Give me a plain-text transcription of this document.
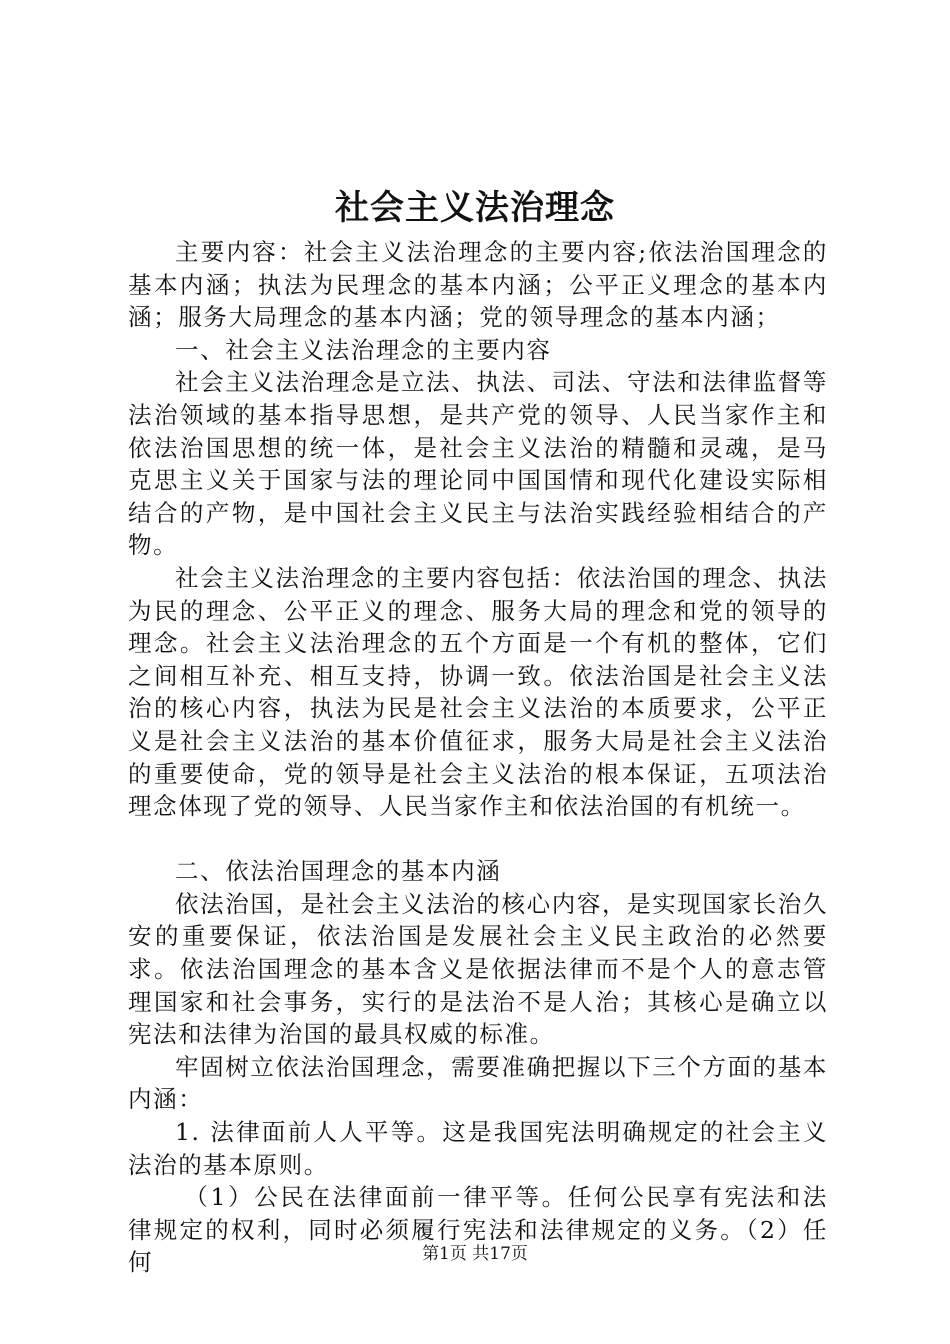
社会主义法治理念

主要内容：社会主义法治理念的主要内容;依法治国理念的基本内涵；执法为民理念的基本内涵；公平正义理念的基本内涵；服务大局理念的基本内涵；党的领导理念的基本内涵；

一、社会主义法治理念的主要内容

社会主义法治理念是立法、执法、司法、守法和法律监督等法治领域的基本指导思想，是共产党的领导、人民当家作主和依法治国思想的统一体，是社会主义法治的精髓和灵魂，是马克思主义关于国家与法的理论同中国国情和现代化建设实际相结合的产物，是中国社会主义民主与法治实践经验相结合的产物。

社会主义法治理念的主要内容包括：依法治国的理念、执法为民的理念、公平正义的理念、服务大局的理念和党的领导的理念。社会主义法治理念的五个方面是一个有机的整体，它们之间相互补充、相互支持，协调一致。依法治国是社会主义法治的核心内容，执法为民是社会主义法治的本质要求，公平正义是社会主义法治的基本价值征求，服务大局是社会主义法治的重要使命，党的领导是社会主义法治的根本保证，五项法治理念体现了党的领导、人民当家作主和依法治国的有机统一。

二、依法治国理念的基本内涵

依法治国，是社会主义法治的核心内容，是实现国家长治久安的重要保证，依法治国是发展社会主义民主政治的必然要求。依法治国理念的基本含义是依据法律而不是个人的意志管理国家和社会事务，实行的是法治不是人治；其核心是确立以宪法和法律为治国的最具权威的标准。

牢固树立依法治国理念，需要准确把握以下三个方面的基本内涵：

1. 法律面前人人平等。这是我国宪法明确规定的社会主义法治的基本原则。

（1）公民在法律面前一律平等。任何公民享有宪法和法律规定的权利，同时必须履行宪法和法律规定的义务。（2）任何	第1页 共17页
